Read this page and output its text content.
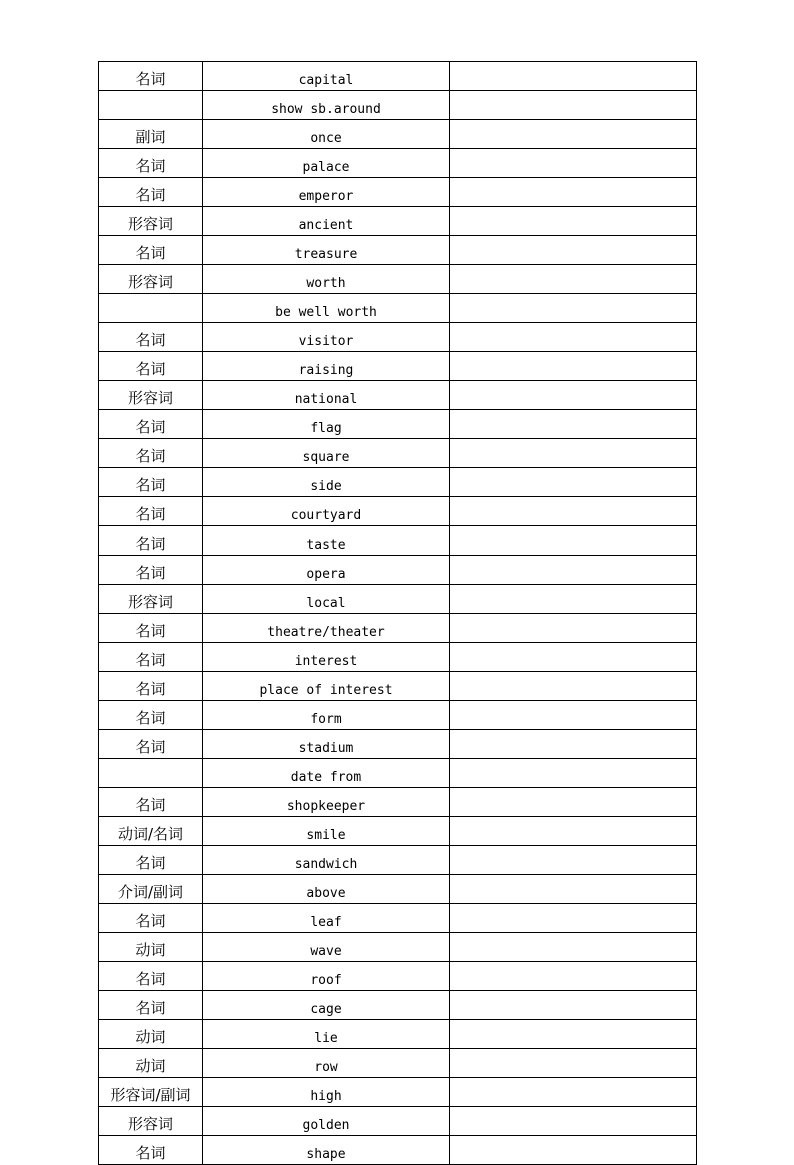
名词	capital	
	show sb.around	
副词	once	
名词	palace	
名词	emperor	
形容词	ancient	
名词	treasure	
形容词	worth	
	be well worth	
名词	visitor	
名词	raising	
形容词	national	
名词	flag	
名词	square	
名词	side	
名词	courtyard	
名词	taste	
名词	opera	
形容词	local	
名词	theatre/theater	
名词	interest	
名词	place of interest	
名词	form	
名词	stadium	
	date from	
名词	shopkeeper	
动词/名词	smile	
名词	sandwich	
介词/副词	above	
名词	leaf	
动词	wave	
名词	roof	
名词	cage	
动词	lie	
动词	row	
形容词/副词	high	
形容词	golden	
名词	shape	
